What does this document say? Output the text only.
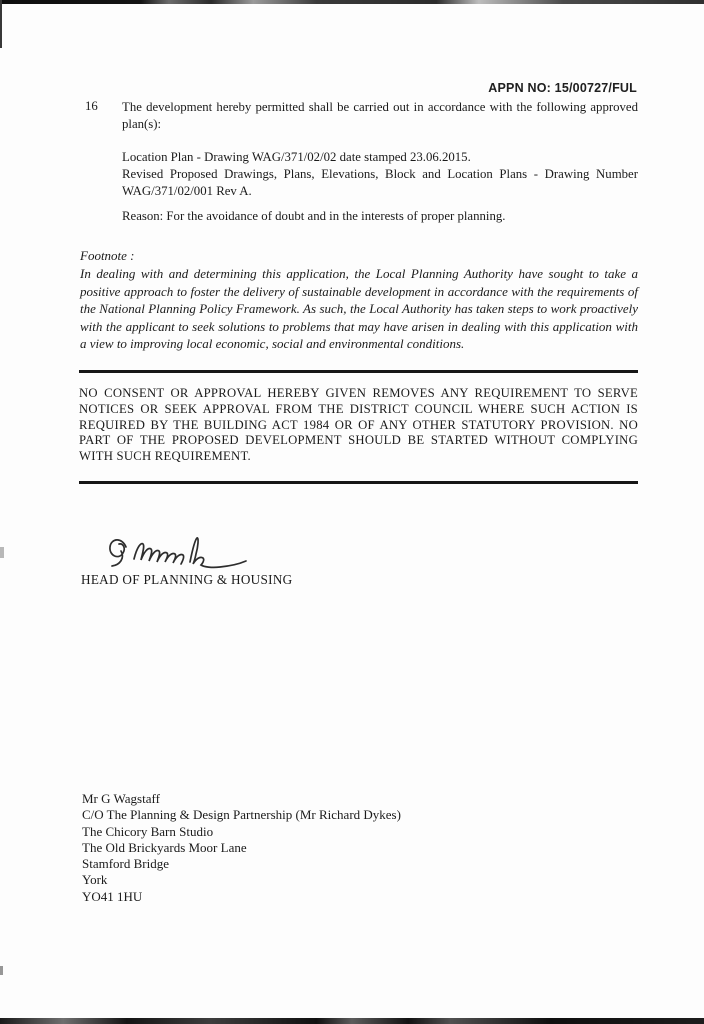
APPN NO: 15/00727/FUL
16 The development hereby permitted shall be carried out in accordance with the following approved plan(s):
Location Plan - Drawing WAG/371/02/02 date stamped 23.06.2015.
Revised Proposed Drawings, Plans, Elevations, Block and Location Plans - Drawing Number WAG/371/02/001 Rev A.
Reason: For the avoidance of doubt and in the interests of proper planning.
Footnote :
In dealing with and determining this application, the Local Planning Authority have sought to take a positive approach to foster the delivery of sustainable development in accordance with the requirements of the National Planning Policy Framework. As such, the Local Authority has taken steps to work proactively with the applicant to seek solutions to problems that may have arisen in dealing with this application with a view to improving local economic, social and environmental conditions.
NO CONSENT OR APPROVAL HEREBY GIVEN REMOVES ANY REQUIREMENT TO SERVE NOTICES OR SEEK APPROVAL FROM THE DISTRICT COUNCIL WHERE SUCH ACTION IS REQUIRED BY THE BUILDING ACT 1984 OR OF ANY OTHER STATUTORY PROVISION. NO PART OF THE PROPOSED DEVELOPMENT SHOULD BE STARTED WITHOUT COMPLYING WITH SUCH REQUIREMENT.
HEAD OF PLANNING & HOUSING
Mr G Wagstaff
C/O The Planning & Design Partnership (Mr Richard Dykes)
The Chicory Barn Studio
The Old Brickyards Moor Lane
Stamford Bridge
York
YO41 1HU
